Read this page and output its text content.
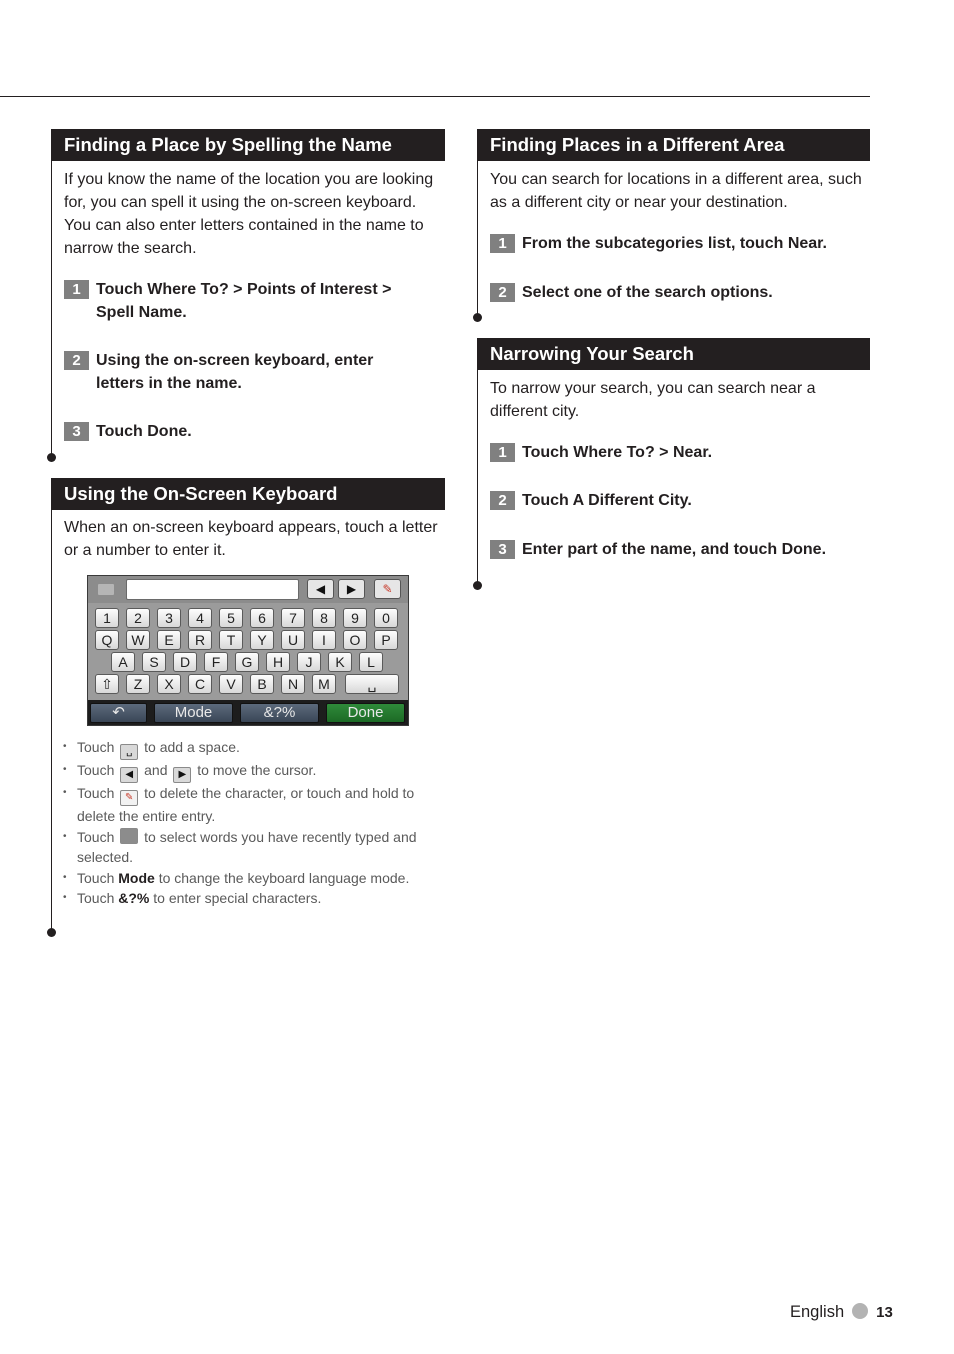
Finding a Place by Spelling the Name
If you know the name of the location you are looking for, you can spell it using the on-screen keyboard. You can also enter letters contained in the name to narrow the search.
1 Touch Where To? > Points of Interest > Spell Name.
2 Using the on-screen keyboard, enter letters in the name.
3 Touch Done.
Using the On-Screen Keyboard
When an on-screen keyboard appears, touch a letter or a number to enter it.
◀	▶	✎
1	2	3	4	5	6	7	8	9	0
Q	W	E	R	T	Y	U	I	O	P
A	S	D	F	G	H	J	K	L
⇧	Z	X	C	V	B	N	M	␣
↶	Mode	&?%	Done
• Touch ␣ to add a space.
• Touch ◀ and ▶ to move the cursor.
• Touch ✎ to delete the character, or touch and hold to delete the entire entry.
• Touch to select words you have recently typed and selected.
• Touch Mode to change the keyboard language mode.
• Touch &?% to enter special characters.
Finding Places in a Different Area
You can search for locations in a different area, such as a different city or near your destination.
1 From the subcategories list, touch Near.
2 Select one of the search options.
Narrowing Your Search
To narrow your search, you can search near a different city.
1 Touch Where To? > Near.
2 Touch A Different City.
3 Enter part of the name, and touch Done.
English 13
